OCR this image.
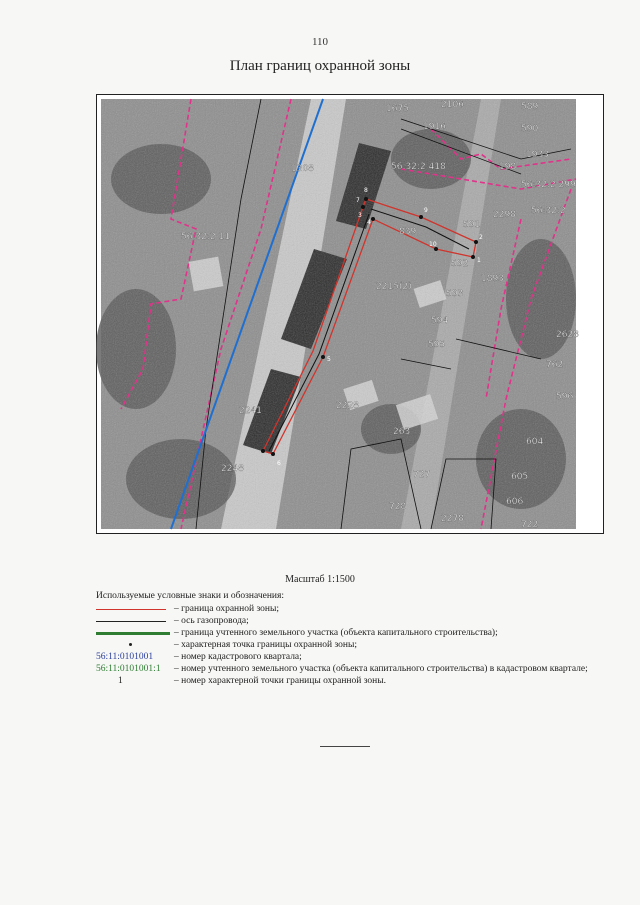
110
План границ охранной зоны
1
2
3
4
5
6
7
8
9
10
1675	589
590
1933
198
2106
1916
56:32:2 418
56:32:2 299
1308
56:32:2 11
56:32:2
2298
591
839
592
2215(2)
593
594
595
1893
2628
762
596
2228
2241
263
2248
604
605
727
728
2278
606
722
Масштаб 1:1500
Используемые условные знаки и обозначения:
– граница охранной зоны;
– ось газопровода;
– граница учтенного земельного участка (объекта капитального строительства);
– характерная точка границы охранной зоны;
56:11:0101001	– номер кадастрового квартала;
56:11:0101001:1	– номер учтенного земельного участка (объекта капитального строительства) в кадастровом квартале;
1	– номер характерной точки границы охранной зоны.
